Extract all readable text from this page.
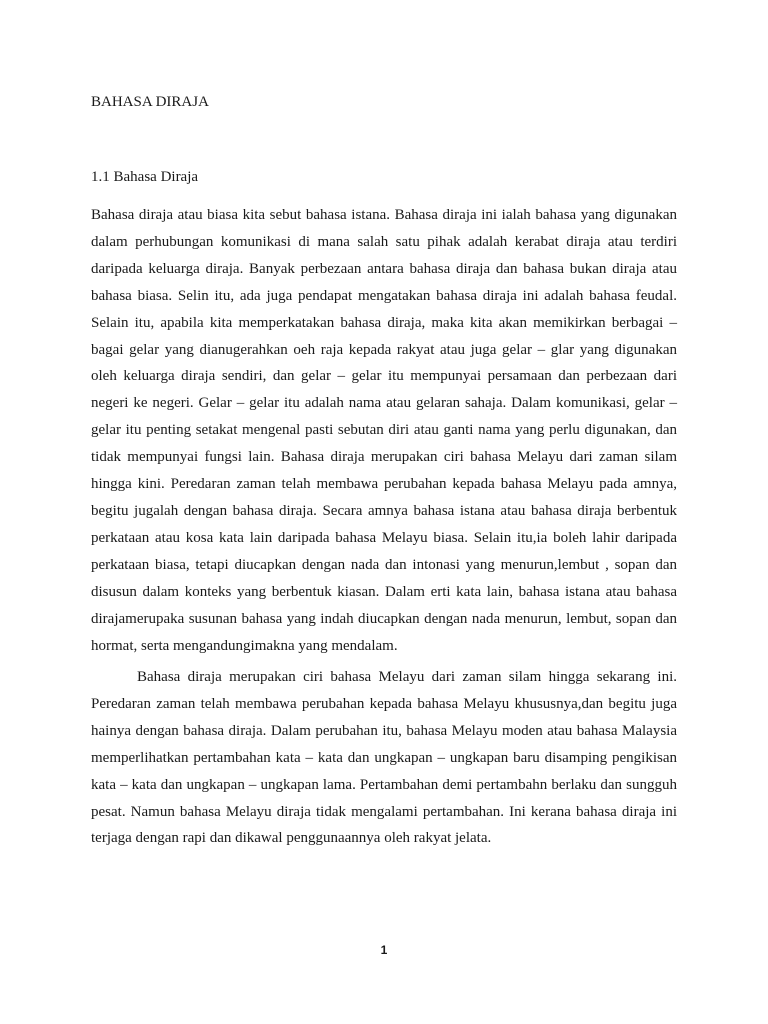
BAHASA DIRAJA
1.1 Bahasa Diraja

Bahasa diraja atau biasa kita sebut bahasa istana. Bahasa diraja ini ialah bahasa yang digunakan dalam perhubungan komunikasi di mana salah satu pihak adalah kerabat diraja atau terdiri daripada keluarga diraja. Banyak perbezaan antara bahasa diraja dan bahasa bukan diraja atau bahasa biasa. Selin itu, ada juga pendapat mengatakan bahasa diraja ini adalah bahasa feudal. Selain itu, apabila kita memperkatakan bahasa diraja, maka kita akan memikirkan berbagai – bagai gelar yang dianugerahkan oeh raja kepada rakyat atau juga gelar – glar yang digunakan oleh keluarga diraja sendiri, dan gelar – gelar itu mempunyai persamaan dan perbezaan dari negeri ke negeri. Gelar – gelar itu adalah nama atau gelaran sahaja. Dalam komunikasi, gelar – gelar itu penting setakat mengenal pasti sebutan diri atau ganti nama yang perlu digunakan, dan tidak mempunyai fungsi lain. Bahasa diraja merupakan ciri bahasa Melayu dari zaman silam hingga kini. Peredaran zaman telah membawa perubahan kepada bahasa Melayu pada amnya, begitu jugalah dengan bahasa diraja. Secara amnya bahasa istana atau bahasa diraja berbentuk perkataan atau kosa kata lain daripada bahasa Melayu biasa. Selain itu,ia boleh lahir daripada perkataan biasa, tetapi diucapkan dengan nada dan intonasi yang menurun,lembut , sopan dan disusun dalam konteks yang berbentuk kiasan. Dalam erti kata lain, bahasa istana atau bahasa dirajamerupaka susunan bahasa yang indah diucapkan dengan nada menurun, lembut, sopan dan hormat, serta mengandungimakna yang mendalam.

Bahasa diraja merupakan ciri bahasa Melayu dari zaman silam hingga sekarang ini. Peredaran zaman telah membawa perubahan kepada bahasa Melayu khususnya,dan begitu juga hainya dengan bahasa diraja. Dalam perubahan itu, bahasa Melayu moden atau bahasa Malaysia memperlihatkan pertambahan kata – kata dan ungkapan – ungkapan baru disamping pengikisan kata – kata dan ungkapan – ungkapan lama. Pertambahan demi pertambahn berlaku dan sungguh pesat. Namun bahasa Melayu diraja tidak mengalami pertambahan. Ini kerana bahasa diraja ini terjaga dengan rapi dan dikawal penggunaannya oleh rakyat jelata.

1
